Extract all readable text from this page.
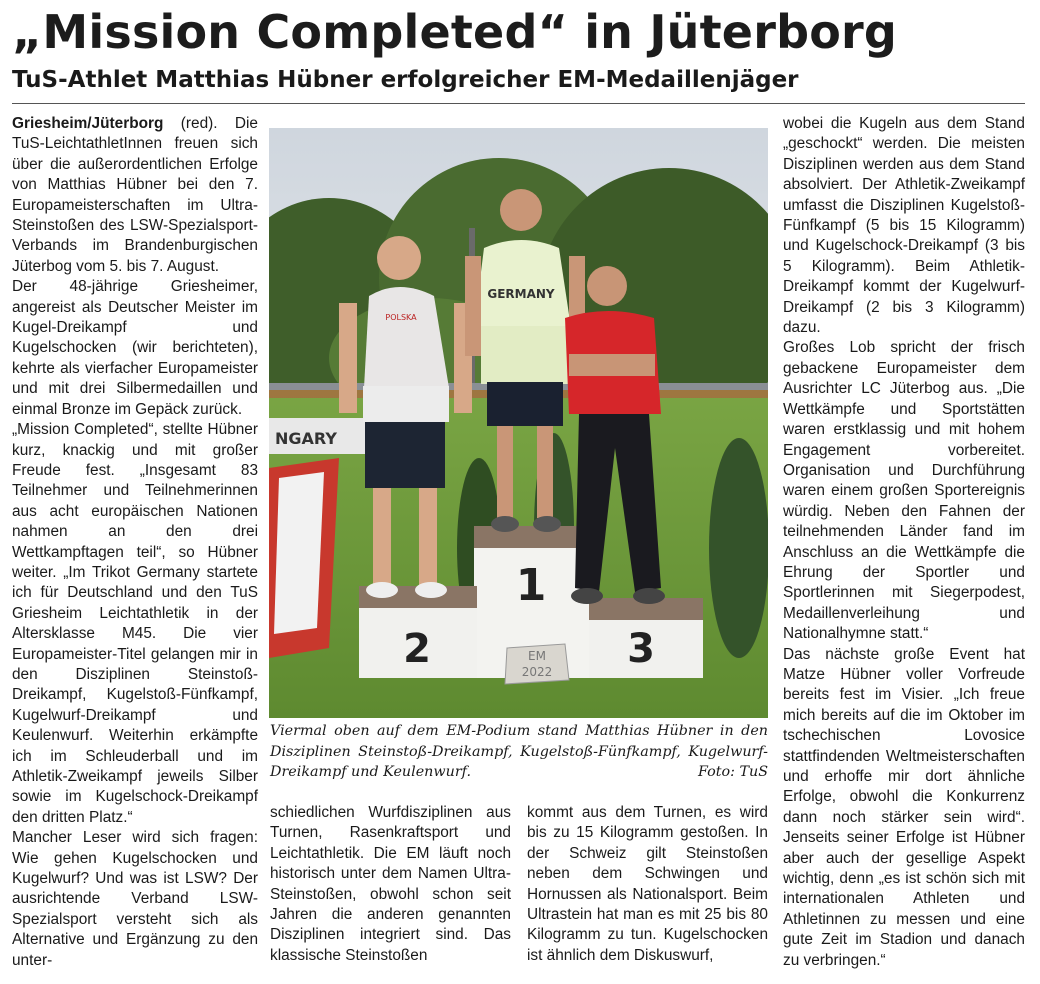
„Mission Completed“ in Jüterborg
TuS-Athlet Matthias Hübner erfolgreicher EM-Medaillenjäger

Griesheim/Jüterborg (red). Die TuS-LeichtathletInnen freuen sich über die außerordentlichen Erfolge von Matthias Hübner bei den 7. Europameisterschaften im Ultra-Steinstoßen des LSW-Spezialsport-Verbands im Brandenburgischen Jüterbog vom 5. bis 7. August.

Der 48-jährige Griesheimer, angereist als Deutscher Meister im Kugel-Dreikampf und Kugelschocken (wir berichteten), kehrte als vierfacher Europameister und mit drei Silbermedaillen und einmal Bronze im Gepäck zurück.

„Mission Completed“, stellte Hübner kurz, knackig und mit großer Freude fest. „Insgesamt 83 Teilnehmer und Teilnehmerinnen aus acht europäischen Nationen nahmen an den drei Wettkampftagen teil“, so Hübner weiter. „Im Trikot Germany startete ich für Deutschland und den TuS Griesheim Leichtathletik in der Altersklasse M45. Die vier Europameister-Titel gelangen mir in den Disziplinen Steinstoß-Dreikampf, Kugelstoß-Fünfkampf, Kugelwurf-Dreikampf und Keulenwurf. Weiterhin erkämpfte ich im Schleuderball und im Athletik-Zweikampf jeweils Silber sowie im Kugelschock-Dreikampf den dritten Platz.“

Mancher Leser wird sich fragen: Wie gehen Kugelschocken und Kugelwurf? Und was ist LSW? Der ausrichtende Verband LSW-Spezialsport versteht sich als Alternative und Ergänzung zu den unter-

NGARY
1
2	3
EM
2022
POLSKA
GERMANY
Viermal oben auf dem EM-Podium stand Matthias Hübner in den Disziplinen Steinstoß-Dreikampf, Kugelstoß-Fünfkampf, Kugelwurf-Dreikampf und Keulenwurf.	Foto: TuS

schiedlichen Wurfdisziplinen aus Turnen, Rasenkraftsport und Leichtathletik. Die EM läuft noch historisch unter dem Namen Ultra-Steinstoßen, obwohl schon seit Jahren die anderen genannten Disziplinen integriert sind. Das klassische Steinstoßen

kommt aus dem Turnen, es wird bis zu 15 Kilogramm gestoßen. In der Schweiz gilt Steinstoßen neben dem Schwingen und Hornussen als Nationalsport. Beim Ultrastein hat man es mit 25 bis 80 Kilogramm zu tun. Kugelschocken ist ähnlich dem Diskuswurf,

wobei die Kugeln aus dem Stand „geschockt“ werden. Die meisten Disziplinen werden aus dem Stand absolviert. Der Athletik-Zweikampf umfasst die Disziplinen Kugelstoß-Fünfkampf (5 bis 15 Kilogramm) und Kugelschock-Dreikampf (3 bis 5 Kilogramm). Beim Athletik-Dreikampf kommt der Kugelwurf-Dreikampf (2 bis 3 Kilogramm) dazu.

Großes Lob spricht der frisch gebackene Europameister dem Ausrichter LC Jüterbog aus. „Die Wettkämpfe und Sportstätten waren erstklassig und mit hohem Engagement vorbereitet. Organisation und Durchführung waren einem großen Sportereignis würdig. Neben den Fahnen der teilnehmenden Länder fand im Anschluss an die Wettkämpfe die Ehrung der Sportler und Sportlerinnen mit Siegerpodest, Medaillenverleihung und Nationalhymne statt.“

Das nächste große Event hat Matze Hübner voller Vorfreude bereits fest im Visier. „Ich freue mich bereits auf die im Oktober im tschechischen Lovosice stattfindenden Weltmeisterschaften und erhoffe mir dort ähnliche Erfolge, obwohl die Konkurrenz dann noch stärker sein wird“. Jenseits seiner Erfolge ist Hübner aber auch der gesellige Aspekt wichtig, denn „es ist schön sich mit internationalen Athleten und Athletinnen zu messen und eine gute Zeit im Stadion und danach zu verbringen.“
